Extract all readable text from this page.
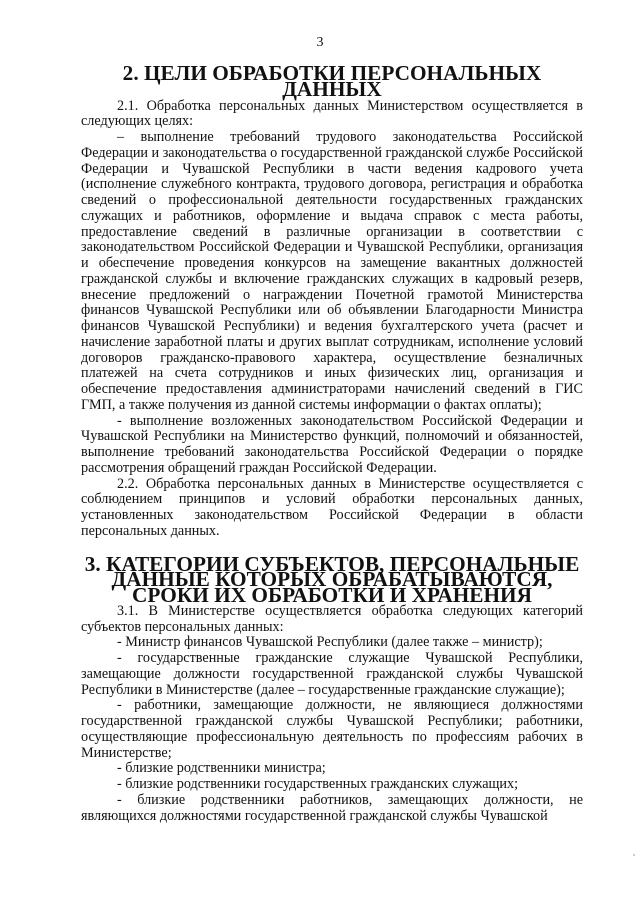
3
2. ЦЕЛИ ОБРАБОТКИ ПЕРСОНАЛЬНЫХ ДАННЫХ

2.1. Обработка персональных данных Министерством осуществляется в следующих целях:

– выполнение требований трудового законодательства Российской Федерации и законодательства о государственной гражданской службе Российской Федерации и Чувашской Республики в части ведения кадрового учета (исполнение служебного контракта, трудового договора, регистрация и обработка сведений о профессиональной деятельности государственных гражданских служащих и работников, оформление и выдача справок с места работы, предоставление сведений в различные организации в соответствии с законодательством Российской Федерации и Чувашской Республики, организация и обеспечение проведения конкурсов на замещение вакантных должностей гражданской службы и включение гражданских служащих в кадровый резерв, внесение предложений о награждении Почетной грамотой Министерства финансов Чувашской Республики или об объявлении Благодарности Министра финансов Чувашской Республики) и ведения бухгалтерского учета (расчет и начисление заработной платы и других выплат сотрудникам, исполнение условий договоров гражданско-правового характера, осуществление безналичных платежей на счета сотрудников и иных физических лиц, организация и обеспечение предоставления администраторами начислений сведений в ГИС ГМП, а также получения из данной системы информации о фактах оплаты);

- выполнение возложенных законодательством Российской Федерации и Чувашской Республики на Министерство функций, полномочий и обязанностей, выполнение требований законодательства Российской Федерации о порядке рассмотрения обращений граждан Российской Федерации.

2.2. Обработка персональных данных в Министерстве осуществляется с соблюдением принципов и условий обработки персональных данных, установленных законодательством Российской Федерации в области персональных данных.

3. КАТЕГОРИИ СУБЪЕКТОВ, ПЕРСОНАЛЬНЫЕ ДАННЫЕ КОТОРЫХ ОБРАБАТЫВАЮТСЯ, СРОКИ ИХ ОБРАБОТКИ И ХРАНЕНИЯ

3.1. В Министерстве осуществляется обработка следующих категорий субъектов персональных данных:

- Министр финансов Чувашской Республики (далее также – министр);

- государственные гражданские служащие Чувашской Республики, замещающие должности государственной гражданской службы Чувашской Республики в Министерстве (далее – государственные гражданские служащие);

- работники, замещающие должности, не являющиеся должностями государственной гражданской службы Чувашской Республики; работники, осуществляющие профессиональную деятельность по профессиям рабочих в Министерстве;

- близкие родственники министра;

- близкие родственники государственных гражданских служащих;

- близкие родственники работников, замещающих должности, не являющихся должностями государственной гражданской службы Чувашской
